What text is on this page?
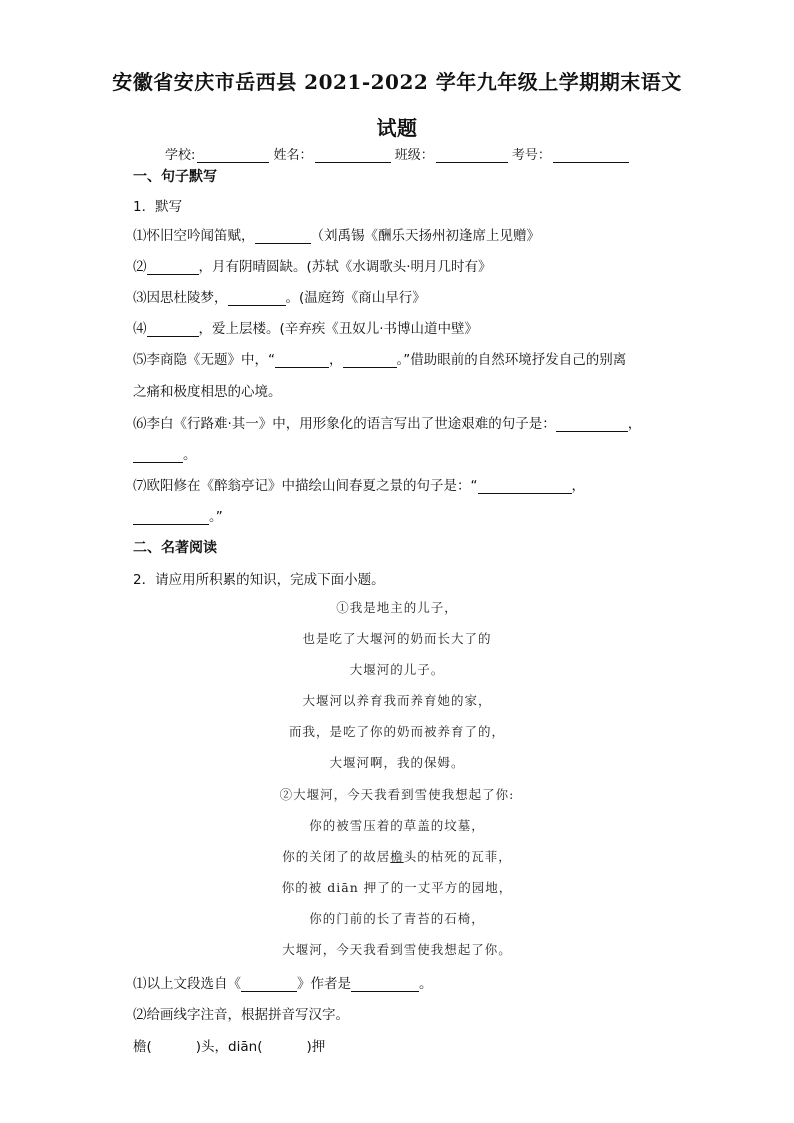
安徽省安庆市岳西县 2021-2022 学年九年级上学期期末语文
试题
学校:	姓名：	班级：	考号：
一、句子默写
1．默写
⑴怀旧空吟闻笛赋，	（刘禹锡《酬乐天扬州初逢席上见赠》
⑵	，月有阴晴圆缺。(苏轼《水调歌头·明月几时有》
⑶因思杜陵梦，	。(温庭筠《商山早行》
⑷	，爱上层楼。(辛弃疾《丑奴儿·书博山道中壁》
⑸李商隐《无题》中，“	，	。”借助眼前的自然环境抒发自己的别离
之痛和极度相思的心境。
⑹李白《行路难·其一》中，用形象化的语言写出了世途艰难的句子是：	，
。
⑺欧阳修在《醉翁亭记》中描绘山间春夏之景的句子是：“	，
。”
二、名著阅读
2．请应用所积累的知识，完成下面小题。
①我是地主的儿子，
也是吃了大堰河的奶而长大了的
大堰河的儿子。
大堰河以养育我而养育她的家，
而我，是吃了你的奶而被养育了的，
大堰河啊，我的保姆。
②大堰河，今天我看到雪使我想起了你:
你的被雪压着的草盖的坟墓，
你的关闭了的故居檐头的枯死的瓦菲，
你的被 diān 押了的一丈平方的园地，
你的门前的长了青苔的石椅，
大堰河，今天我看到雪使我想起了你。
⑴以上文段选自《	》作者是	。
⑵给画线字注音，根据拼音写汉字。
檐(	)头，diān(	)押
